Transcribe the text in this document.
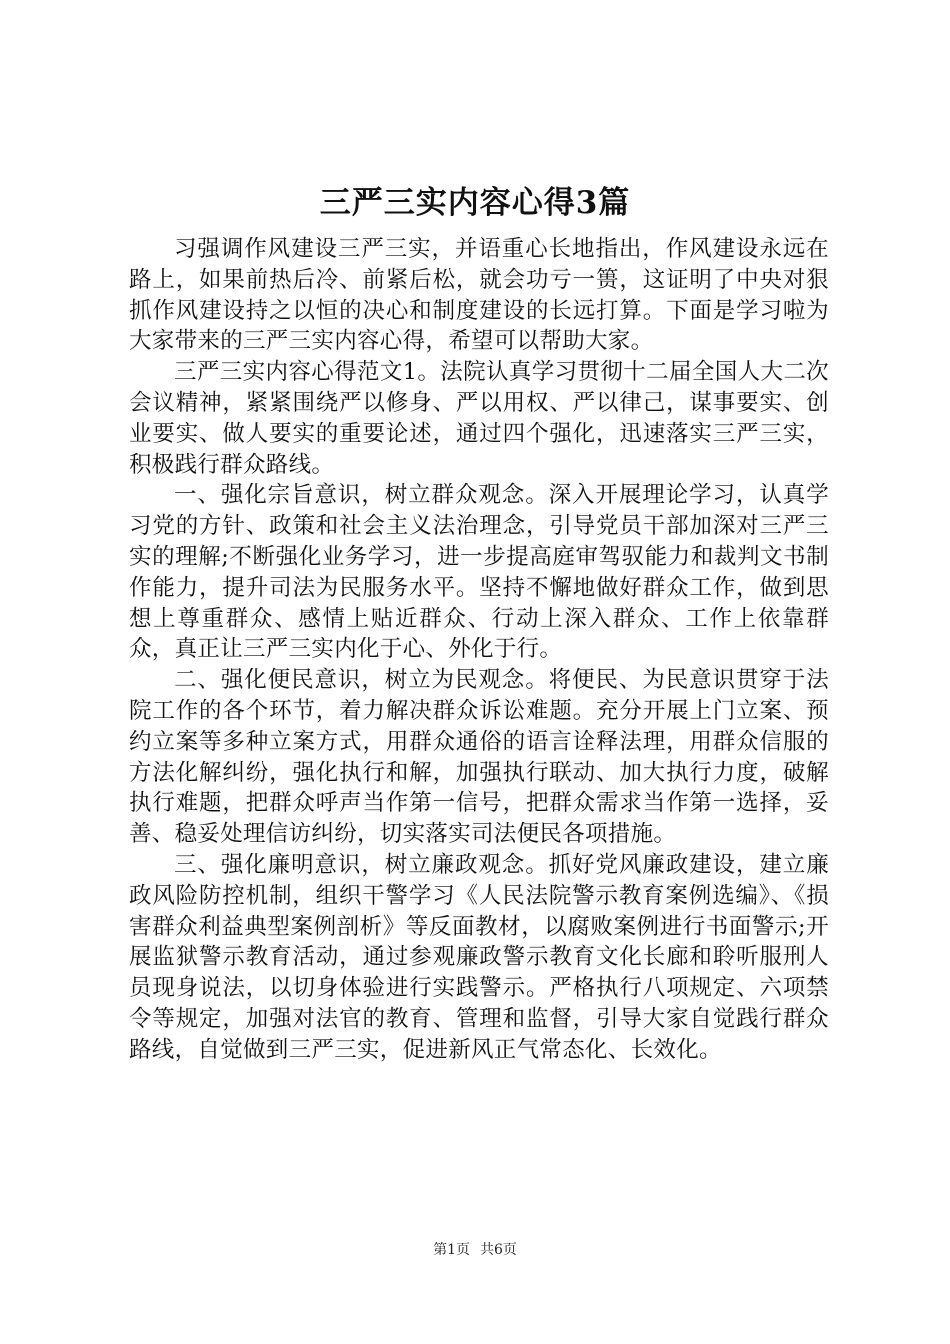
三严三实内容心得3篇

习强调作风建设三严三实，并语重心长地指出，作风建设永远在路上，如果前热后冷、前紧后松，就会功亏一篑，这证明了中央对狠抓作风建设持之以恒的决心和制度建设的长远打算。下面是学习啦为大家带来的三严三实内容心得，希望可以帮助大家。

三严三实内容心得范文1。法院认真学习贯彻十二届全国人大二次会议精神，紧紧围绕严以修身、严以用权、严以律己，谋事要实、创业要实、做人要实的重要论述，通过四个强化，迅速落实三严三实，积极践行群众路线。

一、强化宗旨意识，树立群众观念。深入开展理论学习，认真学习党的方针、政策和社会主义法治理念，引导党员干部加深对三严三实的理解;不断强化业务学习，进一步提高庭审驾驭能力和裁判文书制作能力，提升司法为民服务水平。坚持不懈地做好群众工作，做到思想上尊重群众、感情上贴近群众、行动上深入群众、工作上依靠群众，真正让三严三实内化于心、外化于行。

二、强化便民意识，树立为民观念。将便民、为民意识贯穿于法院工作的各个环节，着力解决群众诉讼难题。充分开展上门立案、预约立案等多种立案方式，用群众通俗的语言诠释法理，用群众信服的方法化解纠纷，强化执行和解，加强执行联动、加大执行力度，破解执行难题，把群众呼声当作第一信号，把群众需求当作第一选择，妥善、稳妥处理信访纠纷，切实落实司法便民各项措施。

三、强化廉明意识，树立廉政观念。抓好党风廉政建设，建立廉政风险防控机制，组织干警学习《人民法院警示教育案例选编》、《损害群众利益典型案例剖析》等反面教材，以腐败案例进行书面警示;开展监狱警示教育活动，通过参观廉政警示教育文化长廊和聆听服刑人员现身说法，以切身体验进行实践警示。严格执行八项规定、六项禁令等规定，加强对法官的教育、管理和监督，引导大家自觉践行群众路线，自觉做到三严三实，促进新风正气常态化、长效化。

第1页 共6页
